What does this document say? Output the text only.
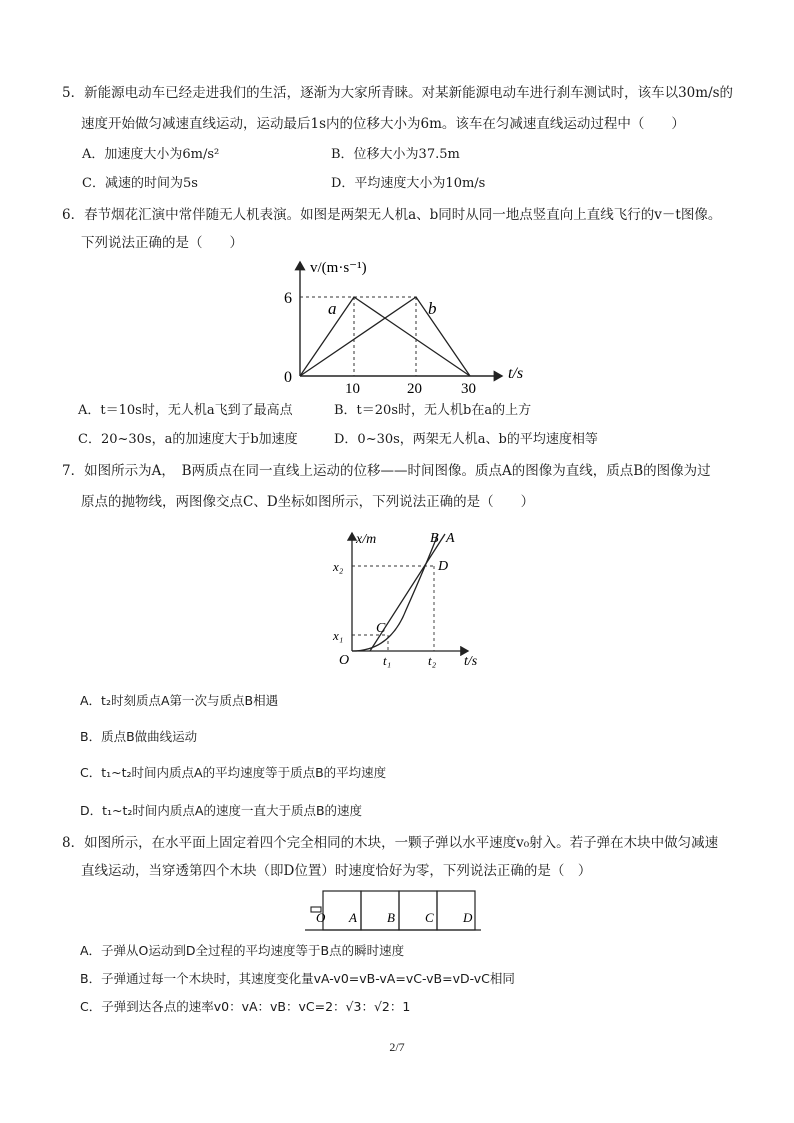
5．新能源电动车已经走进我们的生活，逐渐为大家所青睐。对某新能源电动车进行刹车测试时，该车以30m/s的
速度开始做匀减速直线运动，运动最后1s内的位移大小为6m。该车在匀减速直线运动过程中（　　）
A．加速度大小为6m/s²	B．位移大小为37.5m
C．减速的时间为5s	D．平均速度大小为10m/s
6．春节烟花汇演中常伴随无人机表演。如图是两架无人机a、b同时从同一地点竖直向上直线飞行的v－t图像。
下列说法正确的是（　　）
v/(m·s⁻¹)
6
0
10	20	30
t/s
a	b
A．t＝10s时，无人机a飞到了最高点	B．t＝20s时，无人机b在a的上方
C．20~30s，a的加速度大于b加速度	D．0~30s，两架无人机a、b的平均速度相等
7．如图所示为A，　B两质点在同一直线上运动的位移——时间图像。质点A的图像为直线，质点B的图像为过
原点的抛物线，两图像交点C、D坐标如图所示，下列说法正确的是（　　）
x/m	B A
D
C
x₂
x₁
O	t₁	t₂ t/s
A．t₂时刻质点A第一次与质点B相遇
B．质点B做曲线运动
C．t₁~t₂时间内质点A的平均速度等于质点B的平均速度
D．t₁~t₂时间内质点A的速度一直大于质点B的速度
8．如图所示，在水平面上固定着四个完全相同的木块，一颗子弹以水平速度v₀射入。若子弹在木块中做匀减速
直线运动，当穿透第四个木块（即D位置）时速度恰好为零，下列说法正确的是（　）
O A B C D
A．子弹从O运动到D全过程的平均速度等于B点的瞬时速度
B．子弹通过每一个木块时，其速度变化量vA-v0=vB-vA=vC-vB=vD-vC相同
C．子弹到达各点的速率v0：vA：vB：vC=2：√3：√2：1
2/7
